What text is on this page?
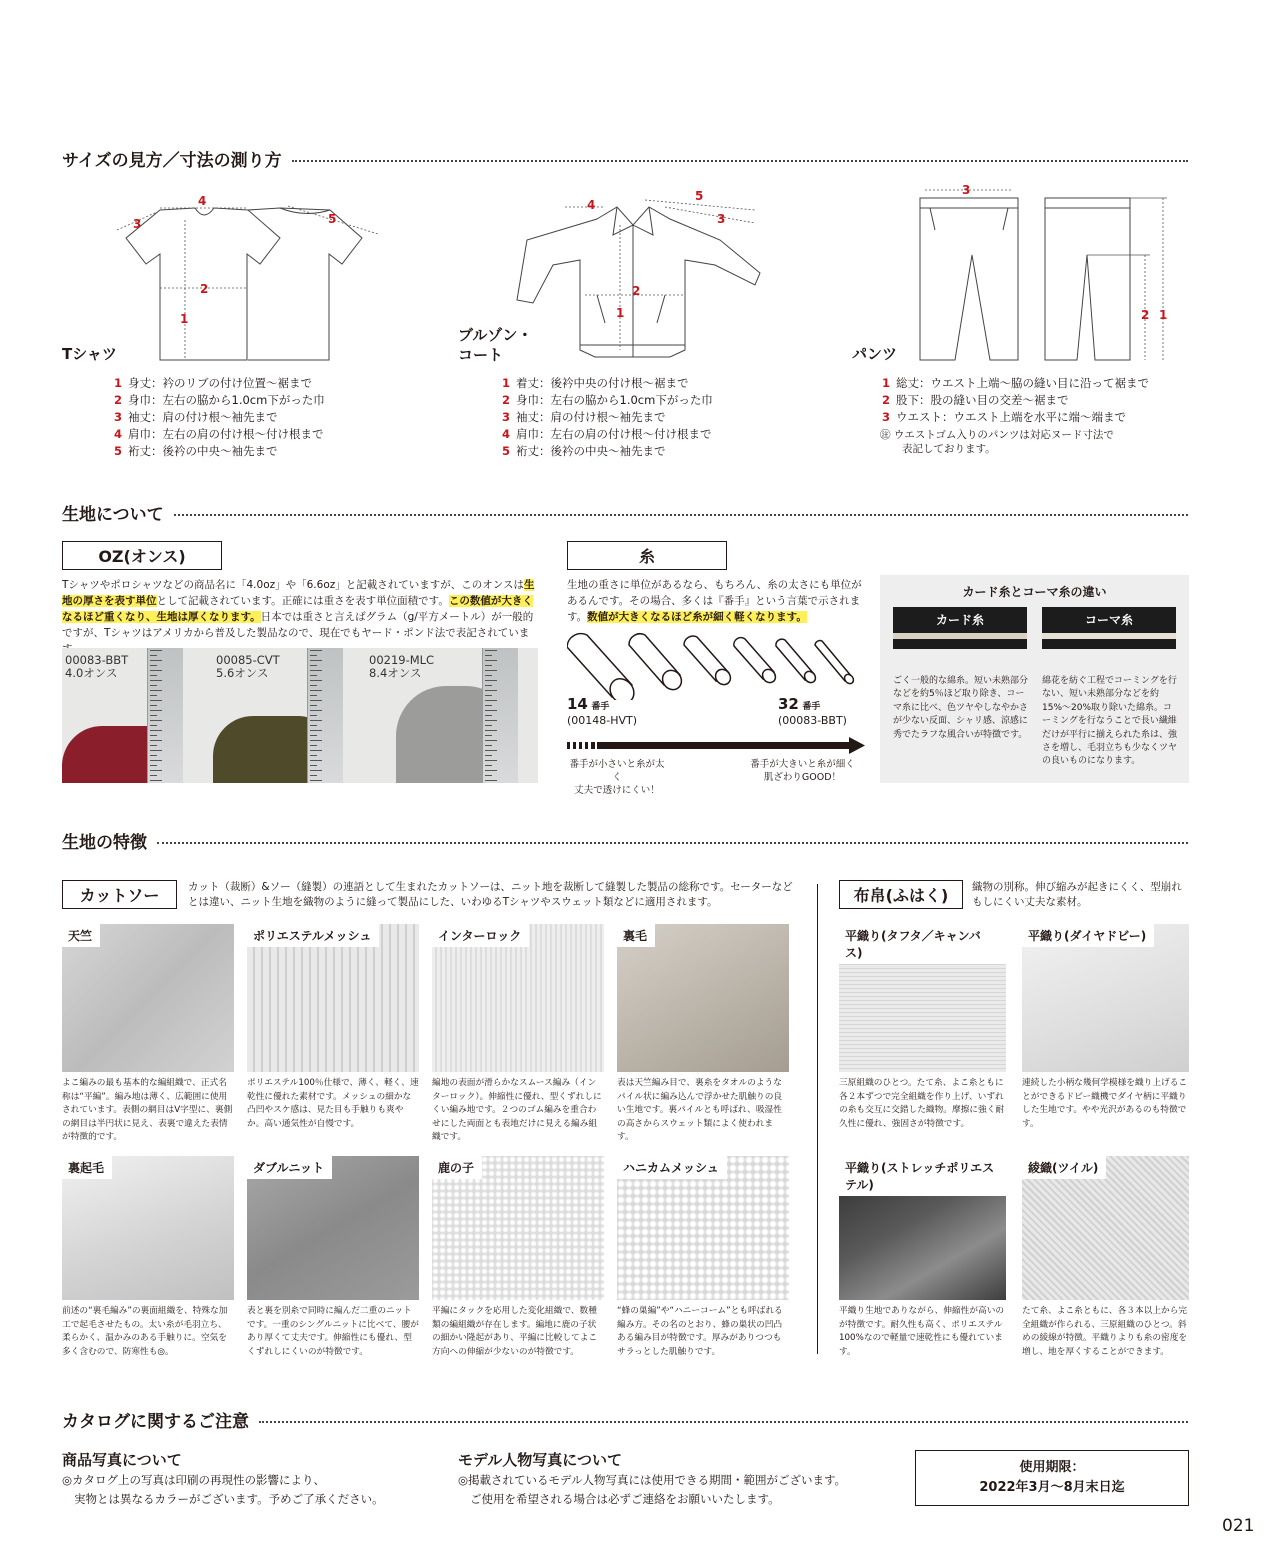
サイズの見方／寸法の測り方
4
2
1
3	5
Tシャツ
1 身丈：衿のリブの付け位置～裾まで
2 身巾：左右の脇から1.0cm下がった巾
3 袖丈：肩の付け根～袖先まで
4 肩巾：左右の肩の付け根～付け根まで
5 裄丈：後衿の中央～袖先まで
4
5
3
2
1
ブルゾン・
コート
1 着丈：後衿中央の付け根～裾まで
2 身巾：左右の脇から1.0cm下がった巾
3 袖丈：肩の付け根～袖先まで
4 肩巾：左右の肩の付け根～付け根まで
5 裄丈：後衿の中央～袖先まで
3
2 1
パンツ
1 総丈：ウエスト上端～脇の縫い目に沿って裾まで
2 股下：股の縫い目の交差～裾まで
3 ウエスト：ウエスト上端を水平に端～端まで
㊟ ウエストゴム入りのパンツは対応ヌード寸法で
表記しております。
生地について
OZ(オンス)
Tシャツやポロシャツなどの商品名に「4.0oz」や「6.6oz」と記載されていますが、このオンスは生地の厚さを表す単位として記載されています。正確には重さを表す単位面積です。この数値が大きくなるほど重くなり、生地は厚くなります。日本では重さと言えばグラム（g/平方メートル）が一般的ですが、Tシャツはアメリカから普及した製品なので、現在でもヤード・ポンド法で表記されていま
00083-BBT
4.0オンス
00085-CVT
5.6オンス
00219-MLC
8.4オンス
糸
生地の重さに単位があるなら、もちろん、糸の太さにも単位があるんです。その場合、多くは『番手』という言葉で示されます。数値が大きくなるほど糸が細く軽くなります。
14 番手
(00148-HVT)
32 番手
(00083-BBT)
番手が小さいと糸が太く
丈夫で透けにくい！
番手が大きいと糸が細く
肌ざわりGOOD！
カード糸とコーマ糸の違い
カード糸	コーマ糸
ごく一般的な綿糸。短い未熟部分などを約5％ほど取り除き、コーマ糸に比べ、色ツヤやしなやかさが少ない反面、シャリ感、涼感に秀でたラフな風合いが特徴です。
綿花を紡ぐ工程でコーミングを行ない、短い未熟部分などを約15%～20%取り除いた綿糸。コーミングを行なうことで長い繊維だけが平行に揃えられた糸は、強さを増し、毛羽立ちも少なくツヤの良いものになります。
生地の特徴
カットソー	カット（裁断）&ソー（縫製）の連語として生まれたカットソーは、ニット地を裁断して縫製した製品の総称です。セーターなどとは違い、ニット生地を織物のように縫って製品にした、いわゆるTシャツやスウェット類などに適用されます。	布帛(ふはく)	織物の別称。伸び縮みが起きにくく、型崩れもしにくい丈夫な素材。
天竺	ポリエステルメッシュ	インターロック	裏毛
よこ編みの最も基本的な編組織で、正式名称は“平編”。編み地は薄く、広範囲に使用されています。表側の網目はV字型に、裏側の網目は半円状に見え、表裏で違えた表情が特徴的です。
ポリエステル100％仕様で、薄く、軽く、速乾性に優れた素材です。メッシュの細かな凸凹やスケ感は、見た目も手触りも爽やか。高い通気性が自慢です。
編地の表面が滑らかなスムース編み（インターロック）。伸縮性に優れ、型くずれしにくい編み地です。２つのゴム編みを重合わせにした両面とも表地だけに見える編み組織です。
表は天竺編み目で、裏糸をタオルのようなパイル状に編み込んで浮かせた肌触りの良い生地です。裏パイルとも呼ばれ、吸湿性の高さからスウェット類によく使われます。
裏起毛	ダブルニット	鹿の子	ハニカムメッシュ
前述の“裏毛編み”の裏面組織を、特殊な加工で起毛させたもの。太い糸が毛羽立ち、柔らかく、温かみのある手触りに。空気を多く含むので、防寒性も◎。
表と裏を別糸で同時に編んだ二重のニットです。一重のシングルニットに比べて、腰があり厚くて丈夫です。伸縮性にも優れ、型くずれしにくいのが特徴です。
平編にタックを応用した変化組織で、数種類の編組織が存在します。編地に鹿の子状の細かい隆起があり、平編に比較してよこ方向への伸縮が少ないのが特徴です。
“蜂の巣編”や“ハニーコーム”とも呼ばれる編み方。その名のとおり、蜂の巣状の凹凸ある編み目が特徴です。厚みがありつつもサラっとした肌触りです。
平織り(タフタ／キャンバス)
平織り(ダイヤドビー)
三原組織のひとつ。たて糸、よこ糸ともに各２本ずつで完全組織を作り上げ、いずれの糸も交互に交錯した織物。摩擦に強く耐久性に優れ、強固さが特徴です。
連続した小柄な幾何学模様を織り上げることができるドビー織機でダイヤ柄に平織りした生地です。やや光沢があるのも特徴です。
平織り(ストレッチポリエステル)
綾織(ツイル)
平織り生地でありながら、伸縮性が高いのが特徴です。耐久性も高く、ポリエステル100%なので軽量で速乾性にも優れています。
たて糸、よこ糸ともに、各３本以上から完全組織が作られる、三原組織のひとつ。斜めの綾線が特徴。平織りよりも糸の密度を増し、地を厚くすることができます。
カタログに関するご注意
商品写真について
◎カタログ上の写真は印刷の再現性の影響により、
実物とは異なるカラーがございます。予めご了承ください。
モデル人物写真について
◎掲載されているモデル人物写真には使用できる期間・範囲がございます。
ご使用を希望される場合は必ずご連絡をお願いいたします。
使用期限：
2022年3月～8月末日迄
021
